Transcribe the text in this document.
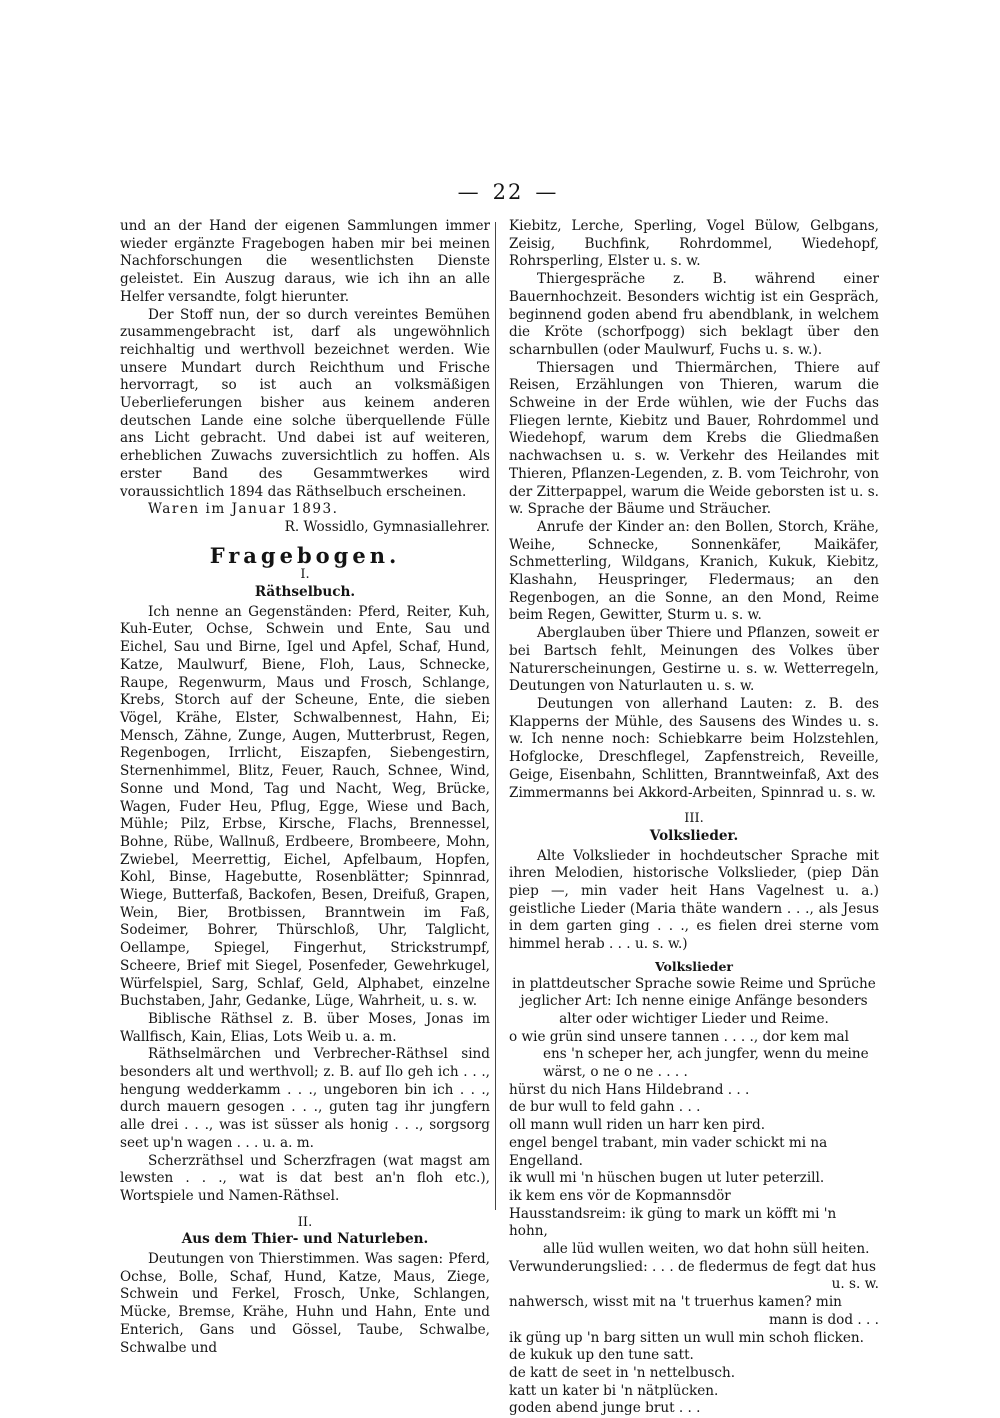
— 22 —

und an der Hand der eigenen Sammlungen immer wieder ergänzte Fragebogen haben mir bei meinen Nachforschungen die wesentlichsten Dienste geleistet. Ein Auszug daraus, wie ich ihn an alle Helfer versandte, folgt hierunter.

Der Stoff nun, der so durch vereintes Bemühen zusammengebracht ist, darf als ungewöhnlich reichhaltig und werthvoll bezeichnet werden. Wie unsere Mundart durch Reichthum und Frische hervorragt, so ist auch an volksmäßigen Ueberlieferungen bisher aus keinem anderen deutschen Lande eine solche überquellende Fülle ans Licht gebracht. Und dabei ist auf weiteren, erheblichen Zuwachs zuversichtlich zu hoffen. Als erster Band des Gesammtwerkes wird voraussichtlich 1894 das Räthselbuch erscheinen.

Waren im Januar 1893.

R. Wossidlo, Gymnasiallehrer.

Fragebogen.

I.

Räthselbuch.

Ich nenne an Gegenständen: Pferd, Reiter, Kuh, Kuh-Euter, Ochse, Schwein und Ente, Sau und Eichel, Sau und Birne, Igel und Apfel, Schaf, Hund, Katze, Maulwurf, Biene, Floh, Laus, Schnecke, Raupe, Regenwurm, Maus und Frosch, Schlange, Krebs, Storch auf der Scheune, Ente, die sieben Vögel, Krähe, Elster, Schwalbennest, Hahn, Ei; Mensch, Zähne, Zunge, Augen, Mutterbrust, Regen, Regenbogen, Irrlicht, Eiszapfen, Siebengestirn, Sternenhimmel, Blitz, Feuer, Rauch, Schnee, Wind, Sonne und Mond, Tag und Nacht, Weg, Brücke, Wagen, Fuder Heu, Pflug, Egge, Wiese und Bach, Mühle; Pilz, Erbse, Kirsche, Flachs, Brennessel, Bohne, Rübe, Wallnuß, Erdbeere, Brombeere, Mohn, Zwiebel, Meerrettig, Eichel, Apfelbaum, Hopfen, Kohl, Binse, Hagebutte, Rosenblätter; Spinnrad, Wiege, Butterfaß, Backofen, Besen, Dreifuß, Grapen, Wein, Bier, Brotbissen, Branntwein im Faß, Sodeimer, Bohrer, Thürschloß, Uhr, Talglicht, Oellampe, Spiegel, Fingerhut, Strickstrumpf, Scheere, Brief mit Siegel, Posenfeder, Gewehrkugel, Würfelspiel, Sarg, Schlaf, Geld, Alphabet, einzelne Buchstaben, Jahr, Gedanke, Lüge, Wahrheit, u. s. w.

Biblische Räthsel z. B. über Moses, Jonas im Wallfisch, Kain, Elias, Lots Weib u. a. m.

Räthselmärchen und Verbrecher-Räthsel sind besonders alt und werthvoll; z. B. auf Ilo geh ich . . ., hengung wedderkamm . . ., ungeboren bin ich . . ., durch mauern gesogen . . ., guten tag ihr jungfern alle drei . . ., was ist süsser als honig . . ., sorgsorg seet up'n wagen . . . u. a. m.

Scherzräthsel und Scherzfragen (wat magst am lewsten . . ., wat is dat best an'n floh etc.), Wortspiele und Namen-Räthsel.

II.

Aus dem Thier- und Naturleben.

Deutungen von Thierstimmen. Was sagen: Pferd, Ochse, Bolle, Schaf, Hund, Katze, Maus, Ziege, Schwein und Ferkel, Frosch, Unke, Schlangen, Mücke, Bremse, Krähe, Huhn und Hahn, Ente und Enterich, Gans und Gössel, Taube, Schwalbe, Schwalbe und

Kiebitz, Lerche, Sperling, Vogel Bülow, Gelbgans, Zeisig, Buchfink, Rohrdommel, Wiedehopf, Rohrsperling, Elster u. s. w.

Thiergespräche z. B. während einer Bauernhochzeit. Besonders wichtig ist ein Gespräch, beginnend goden abend fru abendblank, in welchem die Kröte (schorfpogg) sich beklagt über den scharnbullen (oder Maulwurf, Fuchs u. s. w.).

Thiersagen und Thiermärchen, Thiere auf Reisen, Erzählungen von Thieren, warum die Schweine in der Erde wühlen, wie der Fuchs das Fliegen lernte, Kiebitz und Bauer, Rohrdommel und Wiedehopf, warum dem Krebs die Gliedmaßen nachwachsen u. s. w. Verkehr des Heilandes mit Thieren, Pflanzen-Legenden, z. B. vom Teichrohr, von der Zitterpappel, warum die Weide geborsten ist u. s. w. Sprache der Bäume und Sträucher.

Anrufe der Kinder an: den Bollen, Storch, Krähe, Weihe, Schnecke, Sonnenkäfer, Maikäfer, Schmetterling, Wildgans, Kranich, Kukuk, Kiebitz, Klashahn, Heuspringer, Fledermaus; an den Regenbogen, an die Sonne, an den Mond, Reime beim Regen, Gewitter, Sturm u. s. w.

Aberglauben über Thiere und Pflanzen, soweit er bei Bartsch fehlt, Meinungen des Volkes über Naturerscheinungen, Gestirne u. s. w. Wetterregeln, Deutungen von Naturlauten u. s. w.

Deutungen von allerhand Lauten: z. B. des Klapperns der Mühle, des Sausens des Windes u. s. w. Ich nenne noch: Schiebkarre beim Holzstehlen, Hofglocke, Dreschflegel, Zapfenstreich, Reveille, Geige, Eisenbahn, Schlitten, Branntweinfaß, Axt des Zimmermanns bei Akkord-Arbeiten, Spinnrad u. s. w.

III.

Volkslieder.

Alte Volkslieder in hochdeutscher Sprache mit ihren Melodien, historische Volkslieder, (piep Dän piep —, min vader heit Hans Vagelnest u. a.) geistliche Lieder (Maria thäte wandern . . ., als Jesus in dem garten ging . . ., es fielen drei sterne vom himmel herab . . . u. s. w.)

Volkslieder

in plattdeutscher Sprache sowie Reime und Sprüche jeglicher Art: Ich nenne einige Anfänge besonders alter oder wichtiger Lieder und Reime.

o wie grün sind unsere tannen . . . ., dor kem mal

ens 'n scheper her, ach jungfer, wenn du meine wärst, o ne o ne . . . .

hürst du nich Hans Hildebrand . . .

de bur wull to feld gahn . . .

oll mann wull riden un harr ken pird.

engel bengel trabant, min vader schickt mi na Engelland.

ik wull mi 'n hüschen bugen ut luter peterzill.

ik kem ens vör de Kopmannsdör

Hausstandsreim: ik güng to mark un köfft mi 'n hohn,

alle lüd wullen weiten, wo dat hohn süll heiten.

Verwunderungslied: . . . de fledermus de fegt dat hus

u. s. w.

nahwersch, wisst mit na 't truerhus kamen? min

mann is dod . . .

ik güng up 'n barg sitten un wull min schoh flicken.

de kukuk up den tune satt.

de katt de seet in 'n nettelbusch.

katt un kater bi 'n nätplücken.

goden abend junge brut . . .
